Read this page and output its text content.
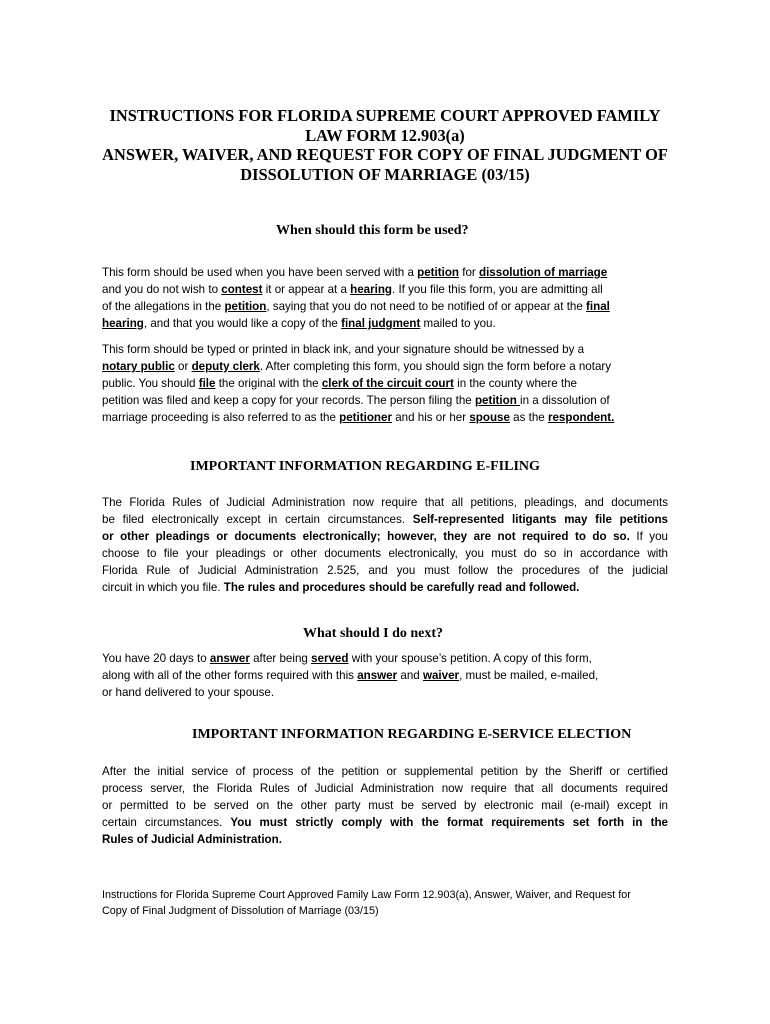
INSTRUCTIONS FOR FLORIDA SUPREME COURT APPROVED FAMILY
LAW FORM 12.903(a)
ANSWER, WAIVER, AND REQUEST FOR COPY OF FINAL JUDGMENT OF
DISSOLUTION OF MARRIAGE (03/15)
When should this form be used?

This form should be used when you have been served with a petition for dissolution of marriage
and you do not wish to contest it or appear at a hearing. If you file this form, you are admitting all
of the allegations in the petition, saying that you do not need to be notified of or appear at the final
hearing, and that you would like a copy of the final judgment mailed to you.

This form should be typed or printed in black ink, and your signature should be witnessed by a
notary public or deputy clerk. After completing this form, you should sign the form before a notary
public. You should file the original with the clerk of the circuit court in the county where the
petition was filed and keep a copy for your records. The person filing the petition in a dissolution of
marriage proceeding is also referred to as the petitioner and his or her spouse as the respondent.

IMPORTANT INFORMATION REGARDING E-FILING

The Florida Rules of Judicial Administration now require that all petitions, pleadings, and documents
be filed electronically except in certain circumstances. Self-represented litigants may file petitions
or other pleadings or documents electronically; however, they are not required to do so. If you
choose to file your pleadings or other documents electronically, you must do so in accordance with
Florida Rule of Judicial Administration 2.525, and you must follow the procedures of the judicial
circuit in which you file. The rules and procedures should be carefully read and followed.

What should I do next?

You have 20 days to answer after being served with your spouse’s petition. A copy of this form,
along with all of the other forms required with this answer and waiver, must be mailed, e-mailed,
or hand delivered to your spouse.

IMPORTANT INFORMATION REGARDING E-SERVICE ELECTION

After the initial service of process of the petition or supplemental petition by the Sheriff or certified
process server, the Florida Rules of Judicial Administration now require that all documents required
or permitted to be served on the other party must be served by electronic mail (e-mail) except in
certain circumstances. You must strictly comply with the format requirements set forth in the
Rules of Judicial Administration.

Instructions for Florida Supreme Court Approved Family Law Form 12.903(a), Answer, Waiver, and Request for
Copy of Final Judgment of Dissolution of Marriage (03/15)
